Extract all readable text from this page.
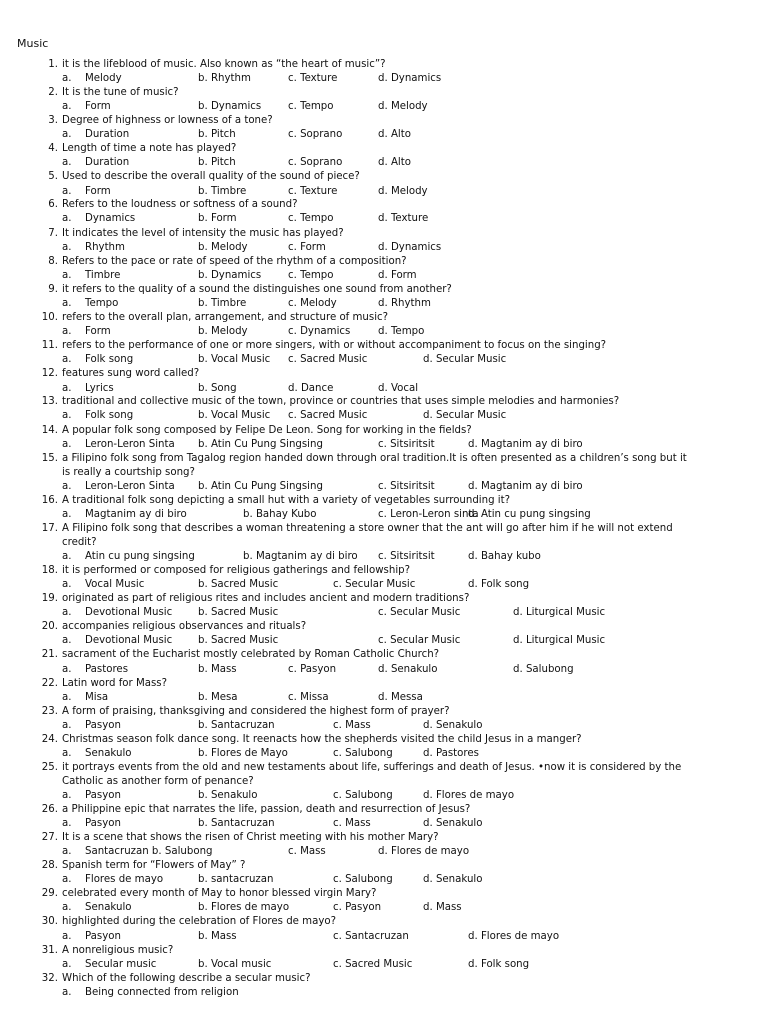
Music
1. it is the lifeblood of music. Also known as “the heart of music”?
a. Melody	b. Rhythm	c. Texture	d. Dynamics
2. It is the tune of music?
a. Form	b. Dynamics	c. Tempo	d. Melody
3. Degree of highness or lowness of a tone?
a. Duration	b. Pitch	c. Soprano	d. Alto
4. Length of time a note has played?
a. Duration	b. Pitch	c. Soprano	d. Alto
5. Used to describe the overall quality of the sound of piece?
a. Form	b. Timbre	c. Texture	d. Melody
6. Refers to the loudness or softness of a sound?
a. Dynamics	b. Form	c. Tempo	d. Texture
7. It indicates the level of intensity the music has played?
a. Rhythm	b. Melody	c. Form	d. Dynamics
8. Refers to the pace or rate of speed of the rhythm of a composition?
a. Timbre	b. Dynamics	c. Tempo	d. Form
9. it refers to the quality of a sound the distinguishes one sound from another?
a. Tempo	b. Timbre	c. Melody	d. Rhythm
10. refers to the overall plan, arrangement, and structure of music?
a. Form	b. Melody	c. Dynamics	d. Tempo
11. refers to the performance of one or more singers, with or without accompaniment to focus on the singing?
a. Folk song	b. Vocal Music c. Sacred Music	d. Secular Music
12. features sung word called?
a. Lyrics	b. Song	d. Dance	d. Vocal
13. traditional and collective music of the town, province or countries that uses simple melodies and harmonies?
a. Folk song	b. Vocal Music c. Sacred Music	d. Secular Music
14. A popular folk song composed by Felipe De Leon. Song for working in the fields?
a. Leron-Leron Sinta b. Atin Cu Pung Singsing	c. Sitsiritsit	d. Magtanim ay di biro
15. a Filipino folk song from Tagalog region handed down through oral tradition.It is often presented as a children’s song but it
is really a courtship song?
a. Leron-Leron Sinta b. Atin Cu Pung Singsing	c. Sitsiritsit	d. Magtanim ay di biro
16. A traditional folk song depicting a small hut with a variety of vegetables surrounding it?
a. Magtanim ay di biro	b. Bahay Kubo	c. Leron-Leron sinta
d. Atin cu pung singsing
17. A Filipino folk song that describes a woman threatening a store owner that the ant will go after him if he will not extend
credit?
a. Atin cu pung singsing	b. Magtanim ay di biro c. Sitsiritsit	d. Bahay kubo
18. it is performed or composed for religious gatherings and fellowship?
a. Vocal Music	b. Sacred Music	c. Secular Music	d. Folk song
19. originated as part of religious rites and includes ancient and modern traditions?
a. Devotional Music	b. Sacred Music	c. Secular Music	d. Liturgical Music
20. accompanies religious observances and rituals?
a. Devotional Music	b. Sacred Music	c. Secular Music	d. Liturgical Music
21. sacrament of the Eucharist mostly celebrated by Roman Catholic Church?
a. Pastores	b. Mass	c. Pasyon	d. Senakulo	d. Salubong
22. Latin word for Mass?
a. Misa	b. Mesa	c. Missa	d. Messa
23. A form of praising, thanksgiving and considered the highest form of prayer?
a. Pasyon	b. Santacruzan	c. Mass	d. Senakulo
24. Christmas season folk dance song. It reenacts how the shepherds visited the child Jesus in a manger?
a. Senakulo	b. Flores de Mayo	c. Salubong	d. Pastores
25. it portrays events from the old and new testaments about life, sufferings and death of Jesus. •now it is considered by the
Catholic as another form of penance?
a. Pasyon	b. Senakulo	c. Salubong	d. Flores de mayo
26. a Philippine epic that narrates the life, passion, death and resurrection of Jesus?
a. Pasyon	b. Santacruzan	c. Mass	d. Senakulo
27. It is a scene that shows the risen of Christ meeting with his mother Mary?
a. Santacruzan b. Salubong	c. Mass	d. Flores de mayo
28. Spanish term for “Flowers of May” ?
a. Flores de mayo	b. santacruzan	c. Salubong	d. Senakulo
29. celebrated every month of May to honor blessed virgin Mary?
a. Senakulo	b. Flores de mayo	c. Pasyon	d. Mass
30. highlighted during the celebration of Flores de mayo?
a. Pasyon	b. Mass	c. Santacruzan	d. Flores de mayo
31. A nonreligious music?
a. Secular music	b. Vocal music	c. Sacred Music	d. Folk song
32. Which of the following describe a secular music?
a. Being connected from religion
